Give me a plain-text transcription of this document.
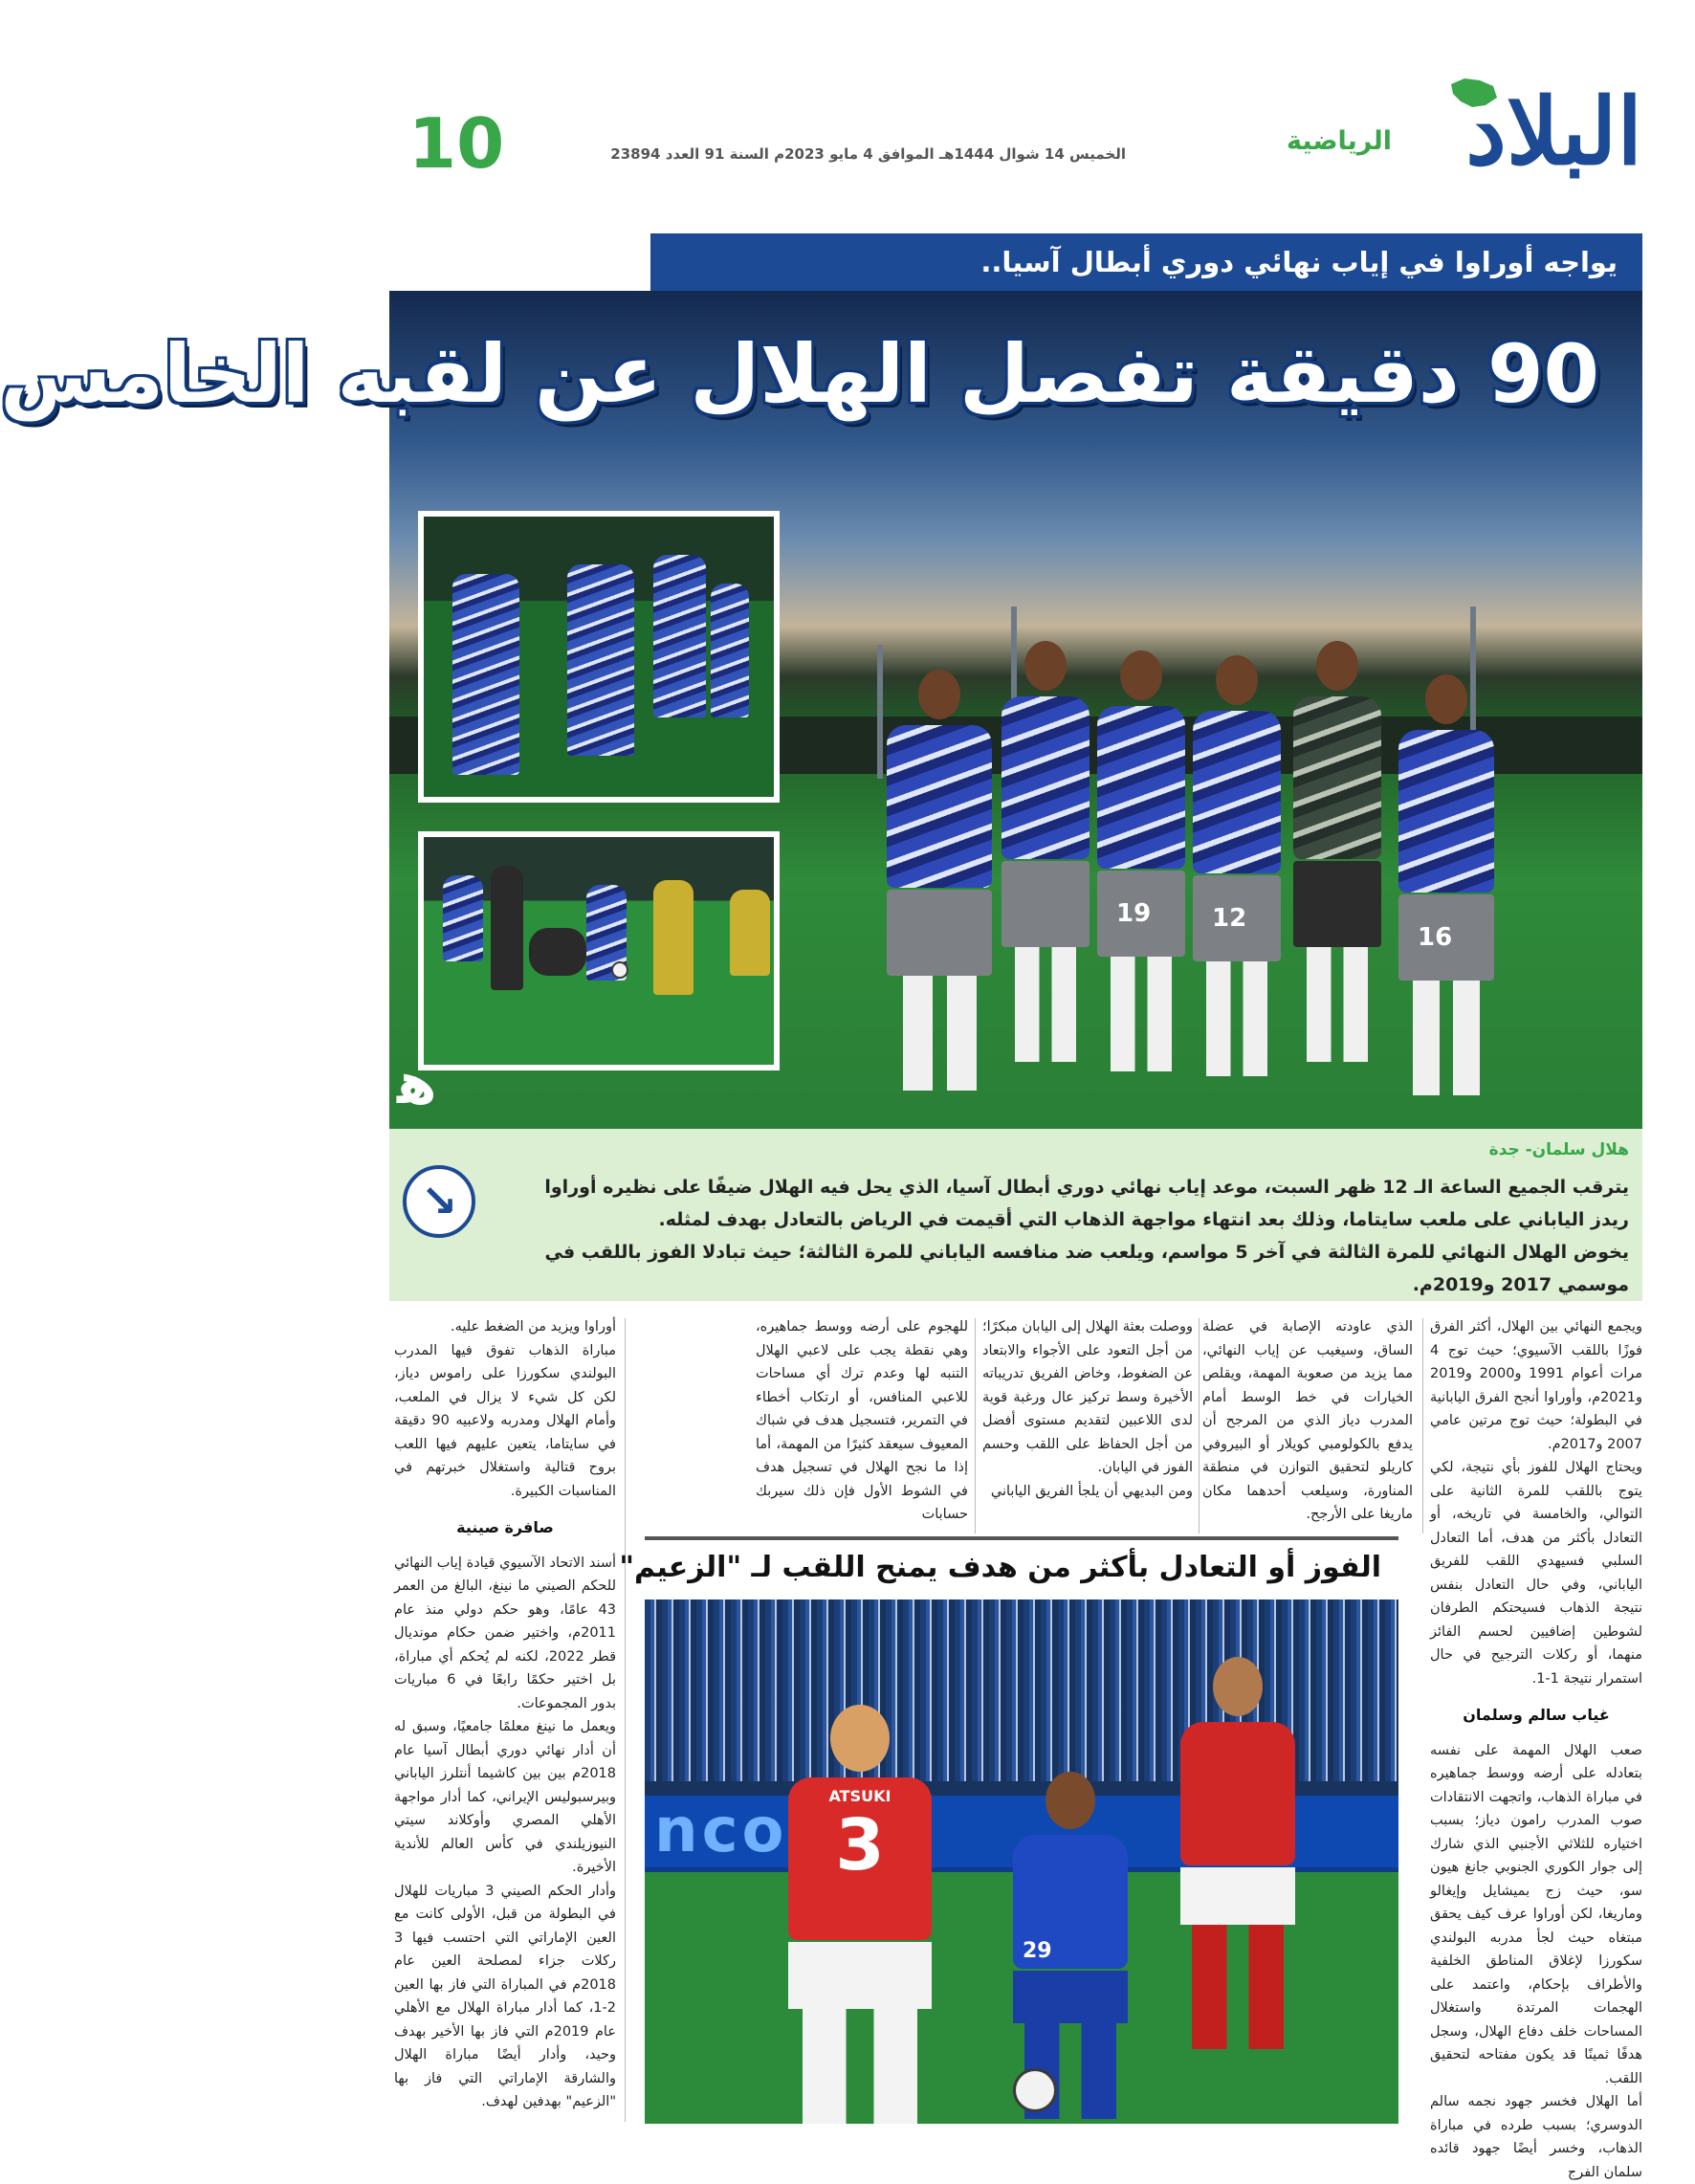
البلاد
الرياضية
الخميس 14 شوال 1444هـ الموافق 4 مايو 2023م السنة 91 العدد 23894
10
يواجه أوراوا في إياب نهائي دوري أبطال آسيا..
90 دقيقة تفصل الهلال عن لقبه الخامس
19 12
16
ﻫ
هلال سلمان- جدة

يترقب الجميع الساعة الـ 12 ظهر السبت، موعد إياب نهائي دوري أبطال آسيا، الذي يحل فيه الهلال ضيفًا على نظيره أوراوا ريدز الياباني على ملعب سايتاما، وذلك بعد انتهاء مواجهة الذهاب التي أقيمت في الرياض بالتعادل بهدف لمثله.

يخوض الهلال النهائي للمرة الثالثة في آخر 5 مواسم، ويلعب ضد منافسه الياباني للمرة الثالثة؛ حيث تبادلا الفوز باللقب في موسمي 2017 و2019م.

↘

ويجمع النهائي بين الهلال، أكثر الفرق فوزًا باللقب الآسيوي؛ حيث توج 4 مرات أعوام 1991 و2000 و2019 و2021م، وأوراوا أنجح الفرق اليابانية في البطولة؛ حيث توج مرتين عامي 2007 و2017م.

ويحتاج الهلال للفوز بأي نتيجة، لكي يتوج باللقب للمرة الثانية على التوالي، والخامسة في تاريخه، أو التعادل بأكثر من هدف، أما التعادل السلبي فسيهدي اللقب للفريق الياباني، وفي حال التعادل بنفس نتيجة الذهاب فسيحتكم الطرفان لشوطين إضافيين لحسم الفائز منهما، أو ركلات الترجيح في حال استمرار نتيجة 1-1.

غياب سالم وسلمان

صعب الهلال المهمة على نفسه بتعادله على أرضه ووسط جماهيره في مباراة الذهاب، واتجهت الانتقادات صوب المدرب رامون دياز؛ بسبب اختياره للثلاثي الأجنبي الذي شارك إلى جوار الكوري الجنوبي جانغ هيون سو، حيث زج بميشايل وإيغالو وماريغا، لكن أوراوا عرف كيف يحقق مبتغاه حيث لجأ مدربه البولندي سكورزا لإغلاق المناطق الخلفية والأطراف بإحكام، واعتمد على الهجمات المرتدة واستغلال المساحات خلف دفاع الهلال، وسجل هدفًا ثمينًا قد يكون مفتاحه لتحقيق اللقب.

أما الهلال فخسر جهود نجمه سالم الدوسري؛ بسبب طرده في مباراة الذهاب، وخسر أيضًا جهود قائده سلمان الفرج

الذي عاودته الإصابة في عضلة الساق، وسيغيب عن إياب النهائي، مما يزيد من صعوبة المهمة، ويقلص الخيارات في خط الوسط أمام المدرب دياز الذي من المرجح أن يدفع بالكولومبي كويلار أو البيروفي كاريلو لتحقيق التوازن في منطقة المناورة، وسيلعب أحدهما مكان ماريغا على الأرجح.

ووصلت بعثة الهلال إلى اليابان مبكرًا؛ من أجل التعود على الأجواء والابتعاد عن الضغوط، وخاض الفريق تدريباته الأخيرة وسط تركيز عال ورغبة قوية لدى اللاعبين لتقديم مستوى أفضل من أجل الحفاظ على اللقب وحسم الفوز في اليابان.

ومن البديهي أن يلجأ الفريق الياباني

للهجوم على أرضه ووسط جماهيره، وهي نقطة يجب على لاعبي الهلال التنبه لها وعدم ترك أي مساحات للاعبي المنافس، أو ارتكاب أخطاء في التمرير، فتسجيل هدف في شباك المعيوف سيعقد كثيرًا من المهمة، أما إذا ما نجح الهلال في تسجيل هدف في الشوط الأول فإن ذلك سيربك حسابات

أوراوا ويزيد من الضغط عليه.

مباراة الذهاب تفوق فيها المدرب البولندي سكورزا على راموس دياز، لكن كل شيء لا يزال في الملعب، وأمام الهلال ومدربه ولاعبيه 90 دقيقة في سايتاما، يتعين عليهم فيها اللعب بروح قتالية واستغلال خبرتهم في المناسبات الكبيرة.

صافرة صينية

أسند الاتحاد الآسيوي قيادة إياب النهائي للحكم الصيني ما نينغ، البالغ من العمر 43 عامًا، وهو حكم دولي منذ عام 2011م، واختير ضمن حكام مونديال قطر 2022، لكنه لم يُحكم أي مباراة، بل اختير حكمًا رابعًا في 6 مباريات بدور المجموعات.

ويعمل ما نينغ معلمًا جامعيًا، وسبق له أن أدار نهائي دوري أبطال آسيا عام 2018م بين بين كاشيما أنتلرز الياباني وبيرسبوليس الإيراني، كما أدار مواجهة الأهلي المصري وأوكلاند سيتي النيوزيلندي في كأس العالم للأندية الأخيرة.

وأدار الحكم الصيني 3 مباريات للهلال في البطولة من قبل، الأولى كانت مع العين الإماراتي التي احتسب فيها 3 ركلات جزاء لمصلحة العين عام 2018م في المباراة التي فاز بها العين 2-1، كما أدار مباراة الهلال مع الأهلي عام 2019م التي فاز بها الأخير بهدف وحيد، وأدار أيضًا مباراة الهلال والشارقة الإماراتي التي فاز بها "الزعيم" بهدفين لهدف.

الفوز أو التعادل بأكثر من هدف يمنح اللقب لـ "الزعيم"
nco	ATSUKI
3
29
